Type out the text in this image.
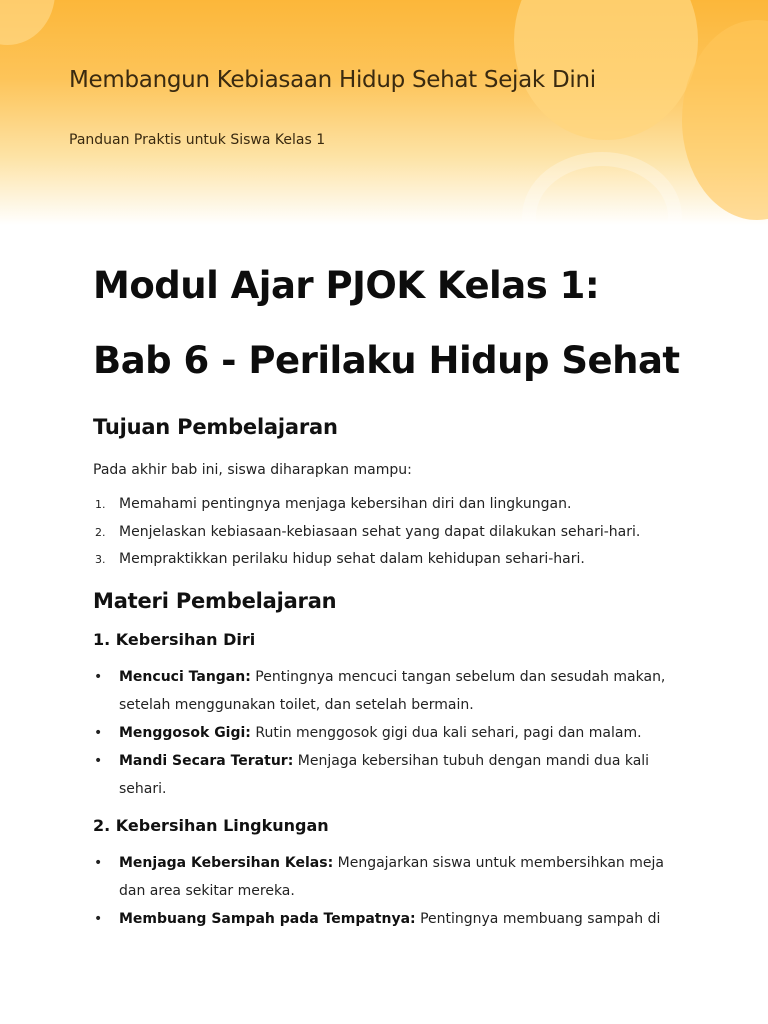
Membangun Kebiasaan Hidup Sehat Sejak Dini
Panduan Praktis untuk Siswa Kelas 1
Modul Ajar PJOK Kelas 1:
Bab 6 - Perilaku Hidup Sehat
Tujuan Pembelajaran

Pada akhir bab ini, siswa diharapkan mampu:

1. Memahami pentingnya menjaga kebersihan diri dan lingkungan.
2. Menjelaskan kebiasaan-kebiasaan sehat yang dapat dilakukan sehari-hari.
3. Mempraktikkan perilaku hidup sehat dalam kehidupan sehari-hari.
Materi Pembelajaran
1. Kebersihan Diri
• Mencuci Tangan: Pentingnya mencuci tangan sebelum dan sesudah makan, setelah menggunakan toilet, dan setelah bermain.
• Menggosok Gigi: Rutin menggosok gigi dua kali sehari, pagi dan malam.
• Mandi Secara Teratur: Menjaga kebersihan tubuh dengan mandi dua kali sehari.
2. Kebersihan Lingkungan
• Menjaga Kebersihan Kelas: Mengajarkan siswa untuk membersihkan meja dan area sekitar mereka.
• Membuang Sampah pada Tempatnya: Pentingnya membuang sampah di
